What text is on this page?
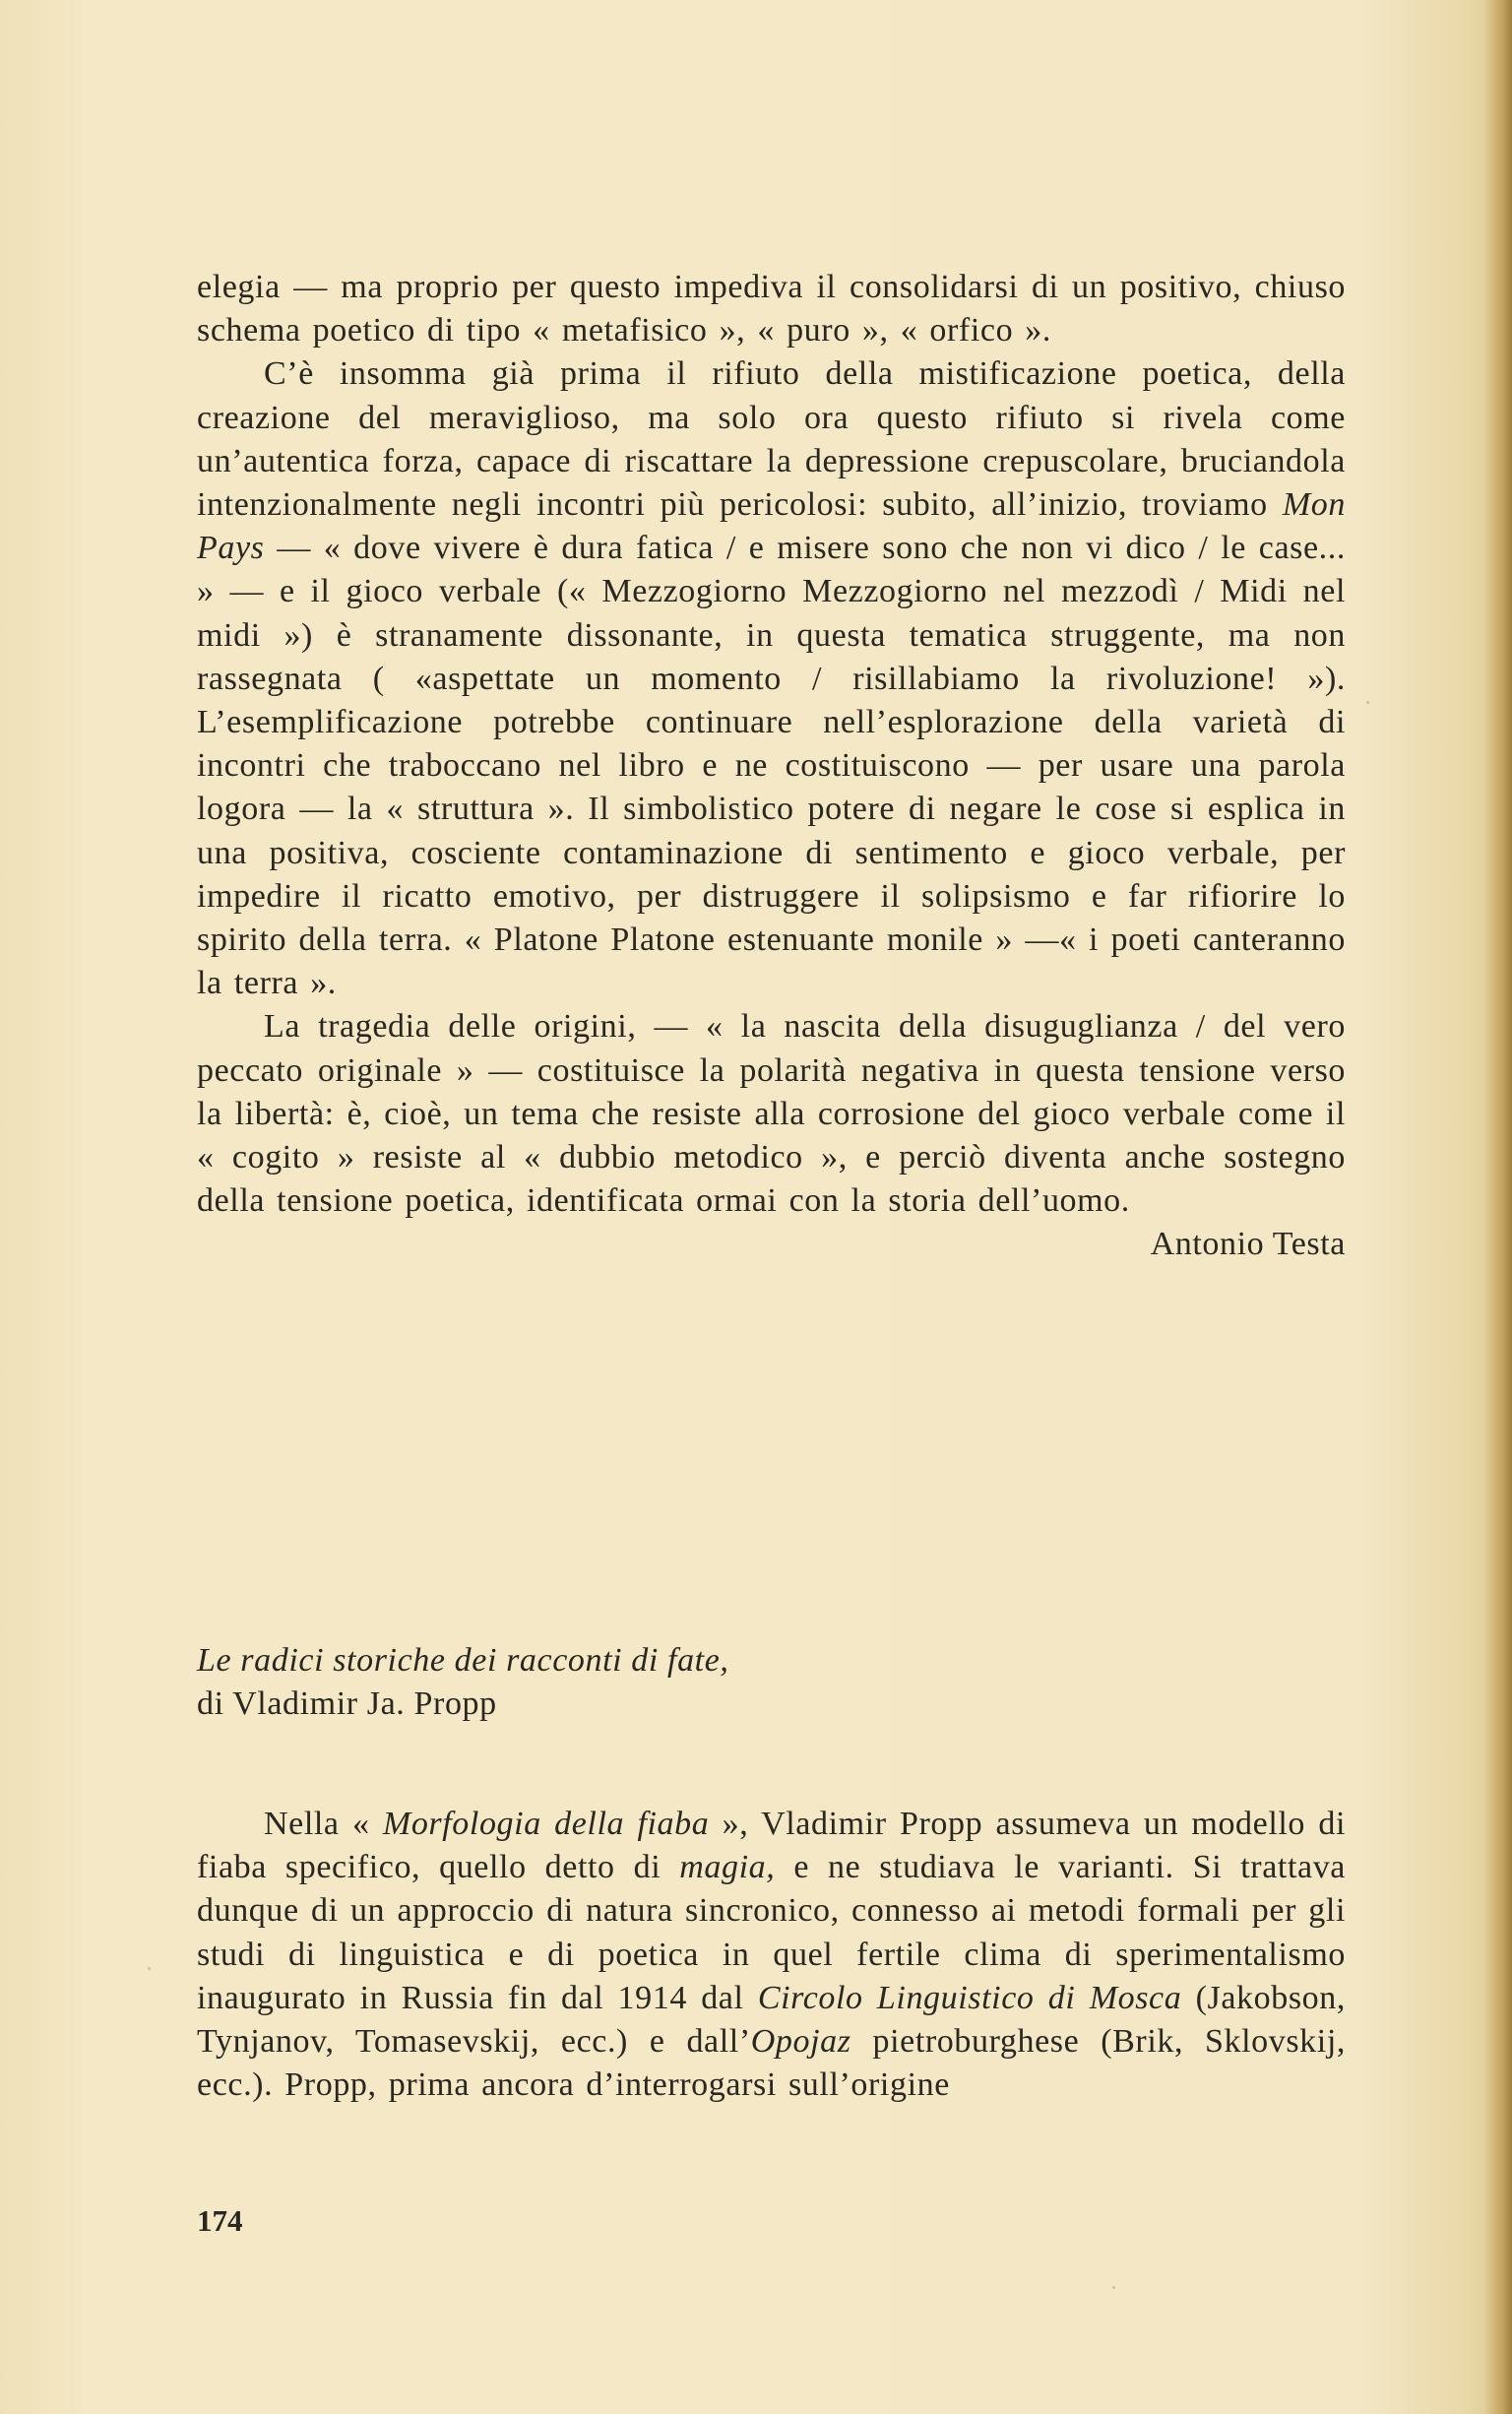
elegia — ma proprio per questo impediva il consolidarsi di un positivo, chiuso schema poetico di tipo « metafisico », « puro », « orfico ».

C’è insomma già prima il rifiuto della mistificazione poetica, della creazione del meraviglioso, ma solo ora questo rifiuto si rivela come un’autentica forza, capace di riscattare la depressione crepuscolare, bruciandola intenzionalmente negli incontri più pericolosi: subito, all’inizio, troviamo Mon Pays — « dove vivere è dura fatica / e misere sono che non vi dico / le case... » — e il gioco verbale (« Mezzogiorno Mezzogiorno nel mezzodì / Midi nel midi ») è stranamente dissonante, in questa tematica struggente, ma non rassegnata ( «aspettate un momento / risillabiamo la rivoluzione! »). L’esemplificazione potrebbe continuare nell’esplorazione della varietà di incontri che traboccano nel libro e ne costituiscono — per usare una parola logora — la « struttura ». Il simbolistico potere di negare le cose si esplica in una positiva, cosciente contaminazione di sentimento e gioco verbale, per impedire il ricatto emotivo, per distruggere il solipsismo e far rifiorire lo spirito della terra. « Platone Platone estenuante monile » —« i poeti canteranno la terra ».

La tragedia delle origini, — « la nascita della disuguglianza / del vero peccato originale » — costituisce la polarità negativa in questa tensione verso la libertà: è, cioè, un tema che resiste alla corrosione del gioco verbale come il « cogito » resiste al « dubbio metodico », e perciò diventa anche sostegno della tensione poetica, identificata ormai con la storia dell’uomo.

Antonio Testa

Le radici storiche dei racconti di fate,
di Vladimir Ja. Propp

Nella « Morfologia della fiaba », Vladimir Propp assumeva un modello di fiaba specifico, quello detto di magia, e ne studiava le varianti. Si trattava dunque di un approccio di natura sincronico, connesso ai metodi formali per gli studi di linguistica e di poetica in quel fertile clima di sperimentalismo inaugurato in Russia fin dal 1914 dal Circolo Linguistico di Mosca (Jakobson, Tynjanov, Tomasevskij, ecc.) e dall’Opojaz pietroburghese (Brik, Sklovskij, ecc.). Propp, prima ancora d’interrogarsi sull’origine

174
